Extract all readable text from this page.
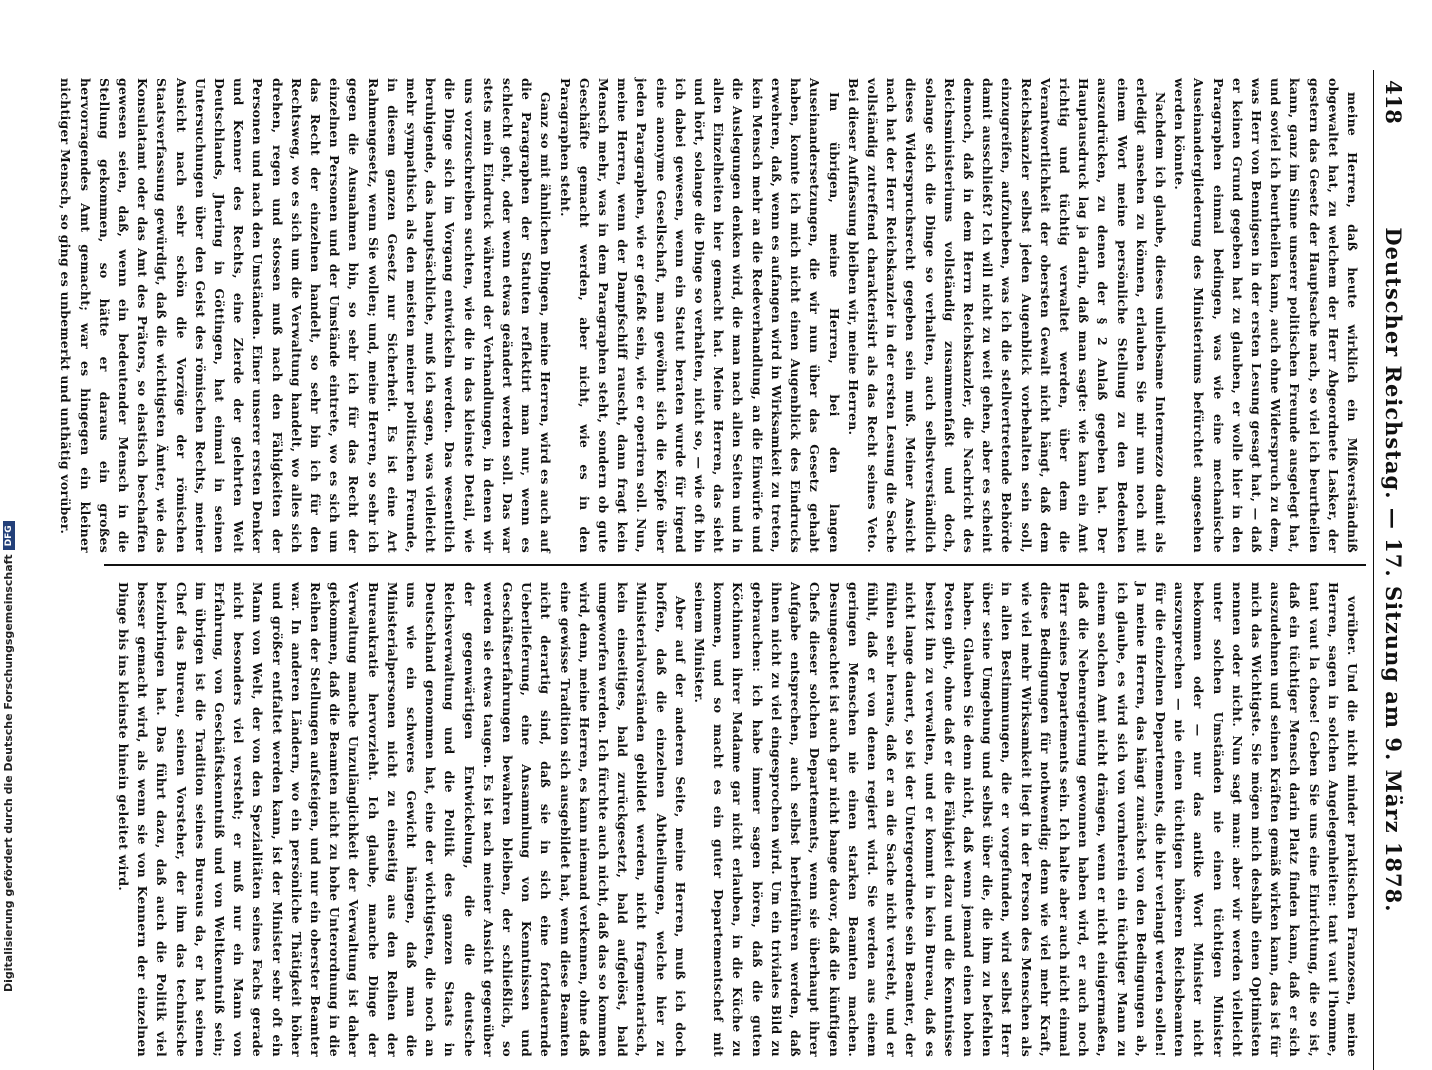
Digitalisierung gefördert durch die Deutsche ForschungsgemeinschaftDFG
418
Deutscher Reichstag. — 17. Sitzung am 9. März 1878.

meine Herren, daß heute wirklich ein Mißverständniß obgewaltet hat, zu welchem der Herr Abgeordnete Lasker, der gestern das Gesetz der Hauptsache nach, so viel ich beurtheilen kann, ganz im Sinne unserer politischen Freunde ausgelegt hat, und soviel ich beurtheilen kann, auch ohne Widerspruch zu dem, was Herr von Bennigsen in der ersten Lesung gesagt hat, — daß er keinen Grund gegeben hat zu glauben, er wolle hier in den Paragraphen einmal bedingen, was wie eine mechanische Auseinandergliederung des Ministeriums befürchtet angesehen werden könnte.

Nachdem ich glaube, dieses unliebsame Intermezzo damit als erledigt ansehen zu können, erlauben Sie mir nun noch mit einem Wort meine persönliche Stellung zu den Bedenken auszudrücken, zu denen der § 2 Anlaß gegeben hat. Der Hauptausdruck lag ja darin, daß man sagte: wie kann ein Amt richtig und tüchtig verwaltet werden, über dem die Verantwortlichkeit der obersten Gewalt nicht hängt, daß dem Reichskanzler selbst jeden Augenblick vorbehalten sein soll, einzugreifen, aufzuheben, was ich die stellvertretende Behörde damit ausschließt? Ich will nicht zu weit gehen, aber es scheint dennoch, daß in dem Herrn Reichskanzler, die Nachricht des Reichsministeriums vollständig zusammenfaßt und doch, solange sich die Dinge so verhalten, auch selbstverständlich dieses Widerspruchsrecht gegeben sein muß. Meiner Ansicht nach hat der Herr Reichskanzler in der ersten Lesung die Sache vollständig zutreffend charakterisirt als das Recht seines Veto. Bei dieser Auffassung bleiben wir, meine Herren.

Im übrigen, meine Herren, bei den langen Auseinandersetzungen, die wir nun über das Gesetz gehabt haben, konnte ich mich nicht einen Augenblick des Eindrucks erwehren, daß, wenn es aufangen wird in Wirksamkeit zu treten, kein Mensch mehr an die Redeverhandlung, an die Einwürfe und die Auslegungen denken wird, die man nach allen Seiten und in allen Einzelheiten hier gemacht hat. Meine Herren, das sieht und hört, solange die Dinge so verhalten, nicht so, — wie oft bin ich dabei gewesen, wenn ein Statut beraten wurde für irgend eine anonyme Gesellschaft, man gewöhnt sich die Köpfe über jeden Paragraphen, wie er gefaßt sein, wie er operiren soll. Nun, meine Herren, wenn der Dampfschiff rauscht, dann fragt kein Mensch mehr, was in dem Paragraphen steht, sondern ob gute Geschäfte gemacht werden, aber nicht, wie es in den Paragraphen steht.

Ganz so mit ähnlichen Dingen, meine Herren, wird es auch auf die Paragraphen der Statuten reflektirt man nur, wenn es schlecht geht, oder wenn etwas geändert werden soll. Das war stets mein Eindruck während der Verhandlungen, in denen wir uns vorzuschreiben suchten, wie die in das kleinste Detail, wie die Dinge sich im Vorgang entwickeln werden. Das wesentlich beruhigende, das hauptsächliche, muß ich sagen, was vielleicht mehr sympathisch als den meisten meiner politischen Freunde, in diesem ganzen Gesetz nur Sicherheit. Es ist eine Art Rahmengesetz, wenn Sie wollen; und, meine Herren, so sehr ich gegen die Ausnahmen bin, so sehr ich für das Recht der einzelnen Personen und der Umstände eintrete, wo es sich um das Recht der einzelnen handelt, so sehr bin ich für den Rechtsweg, wo es sich um die Verwaltung handelt, wo alles sich drehen, regen und stossen muß nach den Fähigkeiten der Personen und nach den Umständen. Einer unserer ersten Denker und Kenner des Rechts, eine Zierde der gelehrten Welt Deutschlands, Jhering in Göttingen, hat einmal in seinen Untersuchungen über den Geist des römischen Rechts, meiner Ansicht nach sehr schön die Vorzüge der römischen Staatsverfassung gewürdigt, daß die wichtigsten Ämter, wie das Konsulatamt oder das Amt des Prätors, so elastisch beschaffen gewesen seien, daß, wenn ein bedeutender Mensch in die Stellung gekommen, so hätte er daraus ein großes hervorragendes Amt gemacht; war es hingegen ein kleiner nichtiger Mensch, so ging es unbemerkt und unthätig vorüber.

vorüber. Und die nicht minder praktischen Franzosen, meine Herren, sagen in solchen Angelegenheiten: tant vaut l'homme, tant vaut la chose! Geben Sie uns eine Einrichtung, die so ist, daß ein tüchtiger Mensch darin Platz finden kann, daß er sich auszudehnen und seinen Kräften gemäß wirken kann, das ist für mich das Wichtigste. Sie mögen mich deshalb einen Optimisten nennen oder nicht. Nun sagt man: aber wir werden vielleicht unter solchen Umständen nie einen tüchtigen Minister bekommen oder — nur das antike Wort Minister nicht auszusprechen — nie einen tüchtigen höheren Reichsbeamten für die einzelnen Departements, die hier verlangt werden sollen! Ja meine Herren, das hängt zunächst von den Bedingungen ab, ich glaube, es wird sich von vornherein ein tüchtiger Mann zu einem solchen Amt nicht drängen, wenn er nicht einigermaßen, daß die Nebenregierung gewonnen haben wird, er auch noch Herr seines Departements sein. Ich halte aber auch nicht einmal diese Bedingungen für nothwendig; denn wie viel mehr Kraft, wie viel mehr Wirksamkeit liegt in der Person des Menschen als in allen Bestimmungen, die er vorgefunden, wird selbst Herr über seine Umgebung und selbst über die, die ihm zu befehlen haben. Glauben Sie denn nicht, daß wenn jemand einen hohen Posten gibt, ohne daß er die Fähigkeit dazu und die Kenntnisse besitzt ihn zu verwalten, und er kommt in kein Bureau, daß es nicht lange dauert, so ist der Untergeordnete sein Beamter, der fühlen sehr heraus, daß er an die Sache nicht versteht, und er fühlt, daß er von denen regiert wird. Sie werden aus einem geringen Menschen nie einen starken Beamten machen. Desungeachtet ist auch gar nicht bange davor, daß die künftigen Chefs dieser solchen Departements, wenn sie überhaupt ihrer Aufgabe entsprechen, auch selbst herbeiführen werden, daß ihnen nicht zu viel eingesprochen wird. Um ein triviales Bild zu gebrauchen: ich habe immer sagen hören, daß die guten Köchinnen ihrer Madame gar nicht erlauben, in die Küche zu kommen, und so macht es ein guter Departementschef mit seinem Minister.

Aber auf der anderen Seite, meine Herren, muß ich doch hoffen, daß die einzelnen Abtheilungen, welche hier zu Ministerialvorständen gebildet werden, nicht fragmentarisch, kein einseitiges, bald zurückgesetzt, bald aufgelöst, bald umgeworfen werden. Ich fürchte auch nicht, daß das so kommen wird, denn, meine Herren, es kann niemand verkennen, ohne daß eine gewisse Tradition sich ausgebildet hat, wenn diese Beamten nicht derartig sind, daß sie in sich eine fortdauernde Ueberlieferung, eine Ansammlung von Kenntnissen und Geschäftserfahrungen bewahren bleiben, der schließlich, so werden sie etwas taugen. Es ist nach meiner Ansicht gegenüber der gegenwärtigen Entwickelung, die die deutsche Reichsverwaltung und die Politik des ganzen Staats in Deutschland genommen hat, eine der wichtigsten, die noch an uns wie ein schweres Gewicht hängen, daß man die Ministerialpersonen nicht zu einseitig aus den Reihen der Bureaukratie hervorzieht. Ich glaube, manche Dinge der Verwaltung manche Unzulänglichkeit der Verwaltung ist daher gekommen, daß die Beamten nicht zu hohe Unterordnung in die Reihen der Stellungen aufsteigen, und nur ein oberster Beamter war. In anderen Ländern, wo ein persönliche Thätigkeit höher und größer entfaltet werden kann, ist der Minister sehr oft ein Mann von Welt, der von den Spezialitäten seines Fachs gerade nicht besonders viel versteht; er muß nur ein Mann von Erfahrung, von Geschäftskenntniß und von Weltkenntniß sein; im übrigen ist die Tradition seines Bureaus da, er hat seinen Chef das Bureau, seinen Vorsteher, der ihm das technische beizubringen hat. Das führt dazu, daß auch die Politik viel besser gemacht wird, als wenn sie von Kennern der einzelnen Dinge bis ins kleinste hinein geleitet wird.
